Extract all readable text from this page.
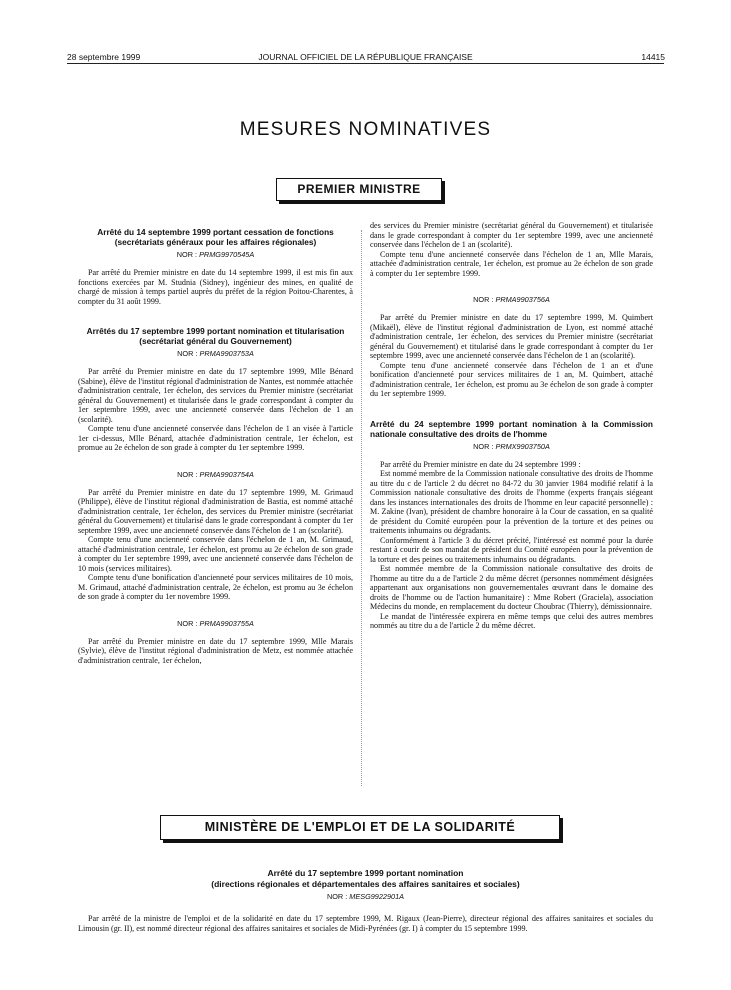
28 septembre 1999	JOURNAL OFFICIEL DE LA RÉPUBLIQUE FRANÇAISE	14415
MESURES NOMINATIVES
PREMIER MINISTRE

Arrêté du 14 septembre 1999 portant cessation de fonctions (secrétariats généraux pour les affaires régionales)

NOR : PRMG9970545A

Par arrêté du Premier ministre en date du 14 septembre 1999, il est mis fin aux fonctions exercées par M. Studnia (Sidney), ingénieur des mines, en qualité de chargé de mission à temps partiel auprès du préfet de la région Poitou-Charentes, à compter du 31 août 1999.

Arrêtés du 17 septembre 1999 portant nomination et titularisation (secrétariat général du Gouvernement)

NOR : PRMA9903753A

Par arrêté du Premier ministre en date du 17 septembre 1999, Mlle Bénard (Sabine), élève de l'institut régional d'administration de Nantes, est nommée attachée d'administration centrale, 1er échelon, des services du Premier ministre (secrétariat général du Gouvernement) et titularisée dans le grade correspondant à compter du 1er septembre 1999, avec une ancienneté conservée dans l'échelon de 1 an (scolarité).

Compte tenu d'une ancienneté conservée dans l'échelon de 1 an visée à l'article 1er ci-dessus, Mlle Bénard, attachée d'administration centrale, 1er échelon, est promue au 2e échelon de son grade à compter du 1er septembre 1999.

NOR : PRMA9903754A

Par arrêté du Premier ministre en date du 17 septembre 1999, M. Grimaud (Philippe), élève de l'institut régional d'administration de Bastia, est nommé attaché d'administration centrale, 1er échelon, des services du Premier ministre (secrétariat général du Gouvernement) et titularisé dans le grade correspondant à compter du 1er septembre 1999, avec une ancienneté conservée dans l'échelon de 1 an (scolarité).

Compte tenu d'une ancienneté conservée dans l'échelon de 1 an, M. Grimaud, attaché d'administration centrale, 1er échelon, est promu au 2e échelon de son grade à compter du 1er septembre 1999, avec une ancienneté conservée dans l'échelon de 10 mois (services militaires).

Compte tenu d'une bonification d'ancienneté pour services militaires de 10 mois, M. Grimaud, attaché d'administration centrale, 2e échelon, est promu au 3e échelon de son grade à compter du 1er novembre 1999.

NOR : PRMA9903755A

Par arrêté du Premier ministre en date du 17 septembre 1999, Mlle Marais (Sylvie), élève de l'institut régional d'administration de Metz, est nommée attachée d'administration centrale, 1er échelon,

des services du Premier ministre (secrétariat général du Gouvernement) et titularisée dans le grade correspondant à compter du 1er septembre 1999, avec une ancienneté conservée dans l'échelon de 1 an (scolarité).

Compte tenu d'une ancienneté conservée dans l'échelon de 1 an, Mlle Marais, attachée d'administration centrale, 1er échelon, est promue au 2e échelon de son grade à compter du 1er septembre 1999.

NOR : PRMA9903756A

Par arrêté du Premier ministre en date du 17 septembre 1999, M. Quimbert (Mikaël), élève de l'institut régional d'administration de Lyon, est nommé attaché d'administration centrale, 1er échelon, des services du Premier ministre (secrétariat général du Gouvernement) et titularisé dans le grade correspondant à compter du 1er septembre 1999, avec une ancienneté conservée dans l'échelon de 1 an (scolarité).

Compte tenu d'une ancienneté conservée dans l'échelon de 1 an et d'une bonification d'ancienneté pour services militaires de 1 an, M. Quimbert, attaché d'administration centrale, 1er échelon, est promu au 3e échelon de son grade à compter du 1er septembre 1999.

Arrêté du 24 septembre 1999 portant nomination à la Commission nationale consultative des droits de l'homme

NOR : PRMX9903750A

Par arrêté du Premier ministre en date du 24 septembre 1999 :

Est nommé membre de la Commission nationale consultative des droits de l'homme au titre du c de l'article 2 du décret no 84-72 du 30 janvier 1984 modifié relatif à la Commission nationale consultative des droits de l'homme (experts français siégeant dans les instances internationales des droits de l'homme en leur capacité personnelle) : M. Zakine (Ivan), président de chambre honoraire à la Cour de cassation, en sa qualité de président du Comité européen pour la prévention de la torture et des peines ou traitements inhumains ou dégradants.

Conformément à l'article 3 du décret précité, l'intéressé est nommé pour la durée restant à courir de son mandat de président du Comité européen pour la prévention de la torture et des peines ou traitements inhumains ou dégradants.

Est nommée membre de la Commission nationale consultative des droits de l'homme au titre du a de l'article 2 du même décret (personnes nommément désignées appartenant aux organisations non gouvernementales œuvrant dans le domaine des droits de l'homme ou de l'action humanitaire) : Mme Robert (Graciela), association Médecins du monde, en remplacement du docteur Choubrac (Thierry), démissionnaire.

Le mandat de l'intéressée expirera en même temps que celui des autres membres nommés au titre du a de l'article 2 du même décret.

MINISTÈRE DE L'EMPLOI ET DE LA SOLIDARITÉ

Arrêté du 17 septembre 1999 portant nomination

(directions régionales et départementales des affaires sanitaires et sociales)

NOR : MESG9922901A

Par arrêté de la ministre de l'emploi et de la solidarité en date du 17 septembre 1999, M. Rigaux (Jean-Pierre), directeur régional des affaires sanitaires et sociales du Limousin (gr. II), est nommé directeur régional des affaires sanitaires et sociales de Midi-Pyrénées (gr. I) à compter du 15 septembre 1999.
